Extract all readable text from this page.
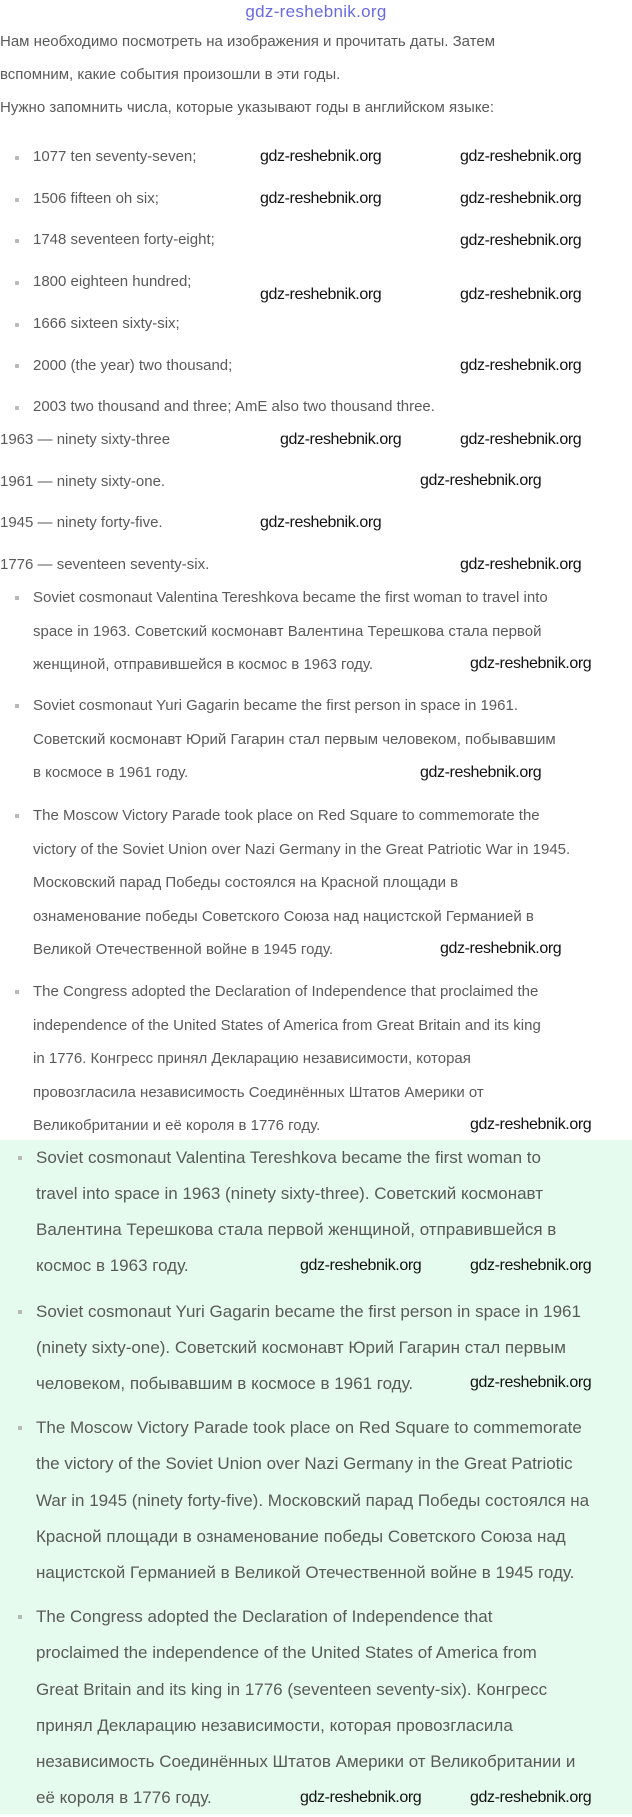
gdz-reshebnik.org
Нам необходимо посмотреть на изображения и прочитать даты. Затем
вспомним, какие события произошли в эти годы.
Нужно запомнить числа, которые указывают годы в английском языке:
1077 ten seventy-seven;
1506 fifteen oh six;
1748 seventeen forty-eight;
1800 eighteen hundred;
1666 sixteen sixty-six;
2000 (the year) two thousand;
2003 two thousand and three; AmE also two thousand three.
1963 — ninety sixty-three
1961 — ninety sixty-one.
1945 — ninety forty-five.
1776 — seventeen seventy-six.
Soviet cosmonaut Valentina Tereshkova became the first woman to travel into
space in 1963. Советский космонавт Валентина Терешкова стала первой
женщиной, отправившейся в космос в 1963 году.
Soviet cosmonaut Yuri Gagarin became the first person in space in 1961.
Советский космонавт Юрий Гагарин стал первым человеком, побывавшим
в космосе в 1961 году.
The Moscow Victory Parade took place on Red Square to commemorate the
victory of the Soviet Union over Nazi Germany in the Great Patriotic War in 1945.
Московский парад Победы состоялся на Красной площади в
ознаменование победы Советского Союза над нацистской Германией в
Великой Отечественной войне в 1945 году.
The Congress adopted the Declaration of Independence that proclaimed the
independence of the United States of America from Great Britain and its king
in 1776. Конгресс принял Декларацию независимости, которая
провозгласила независимость Соединённых Штатов Америки от
Великобритании и её короля в 1776 году.
Soviet cosmonaut Valentina Tereshkova became the first woman to
travel into space in 1963 (ninety sixty-three). Советский космонавт
Валентина Терешкова стала первой женщиной, отправившейся в
космос в 1963 году.
Soviet cosmonaut Yuri Gagarin became the first person in space in 1961
(ninety sixty-one). Советский космонавт Юрий Гагарин стал первым
человеком, побывавшим в космосе в 1961 году.
The Moscow Victory Parade took place on Red Square to commemorate
the victory of the Soviet Union over Nazi Germany in the Great Patriotic
War in 1945 (ninety forty-five). Московский парад Победы состоялся на
Красной площади в ознаменование победы Советского Союза над
нацистской Германией в Великой Отечественной войне в 1945 году.
The Congress adopted the Declaration of Independence that
proclaimed the independence of the United States of America from
Great Britain and its king in 1776 (seventeen seventy-six). Конгресс
принял Декларацию независимости, которая провозгласила
независимость Соединённых Штатов Америки от Великобритании и
её короля в 1776 году.
gdz-reshebnik.org	gdz-reshebnik.org
gdz-reshebnik.org	gdz-reshebnik.org
gdz-reshebnik.org
gdz-reshebnik.org	gdz-reshebnik.org
gdz-reshebnik.org
gdz-reshebnik.org	gdz-reshebnik.org
gdz-reshebnik.org
gdz-reshebnik.org
gdz-reshebnik.org
gdz-reshebnik.org
gdz-reshebnik.org
gdz-reshebnik.org
gdz-reshebnik.org
gdz-reshebnik.org	gdz-reshebnik.org
gdz-reshebnik.org
gdz-reshebnik.org	gdz-reshebnik.org
